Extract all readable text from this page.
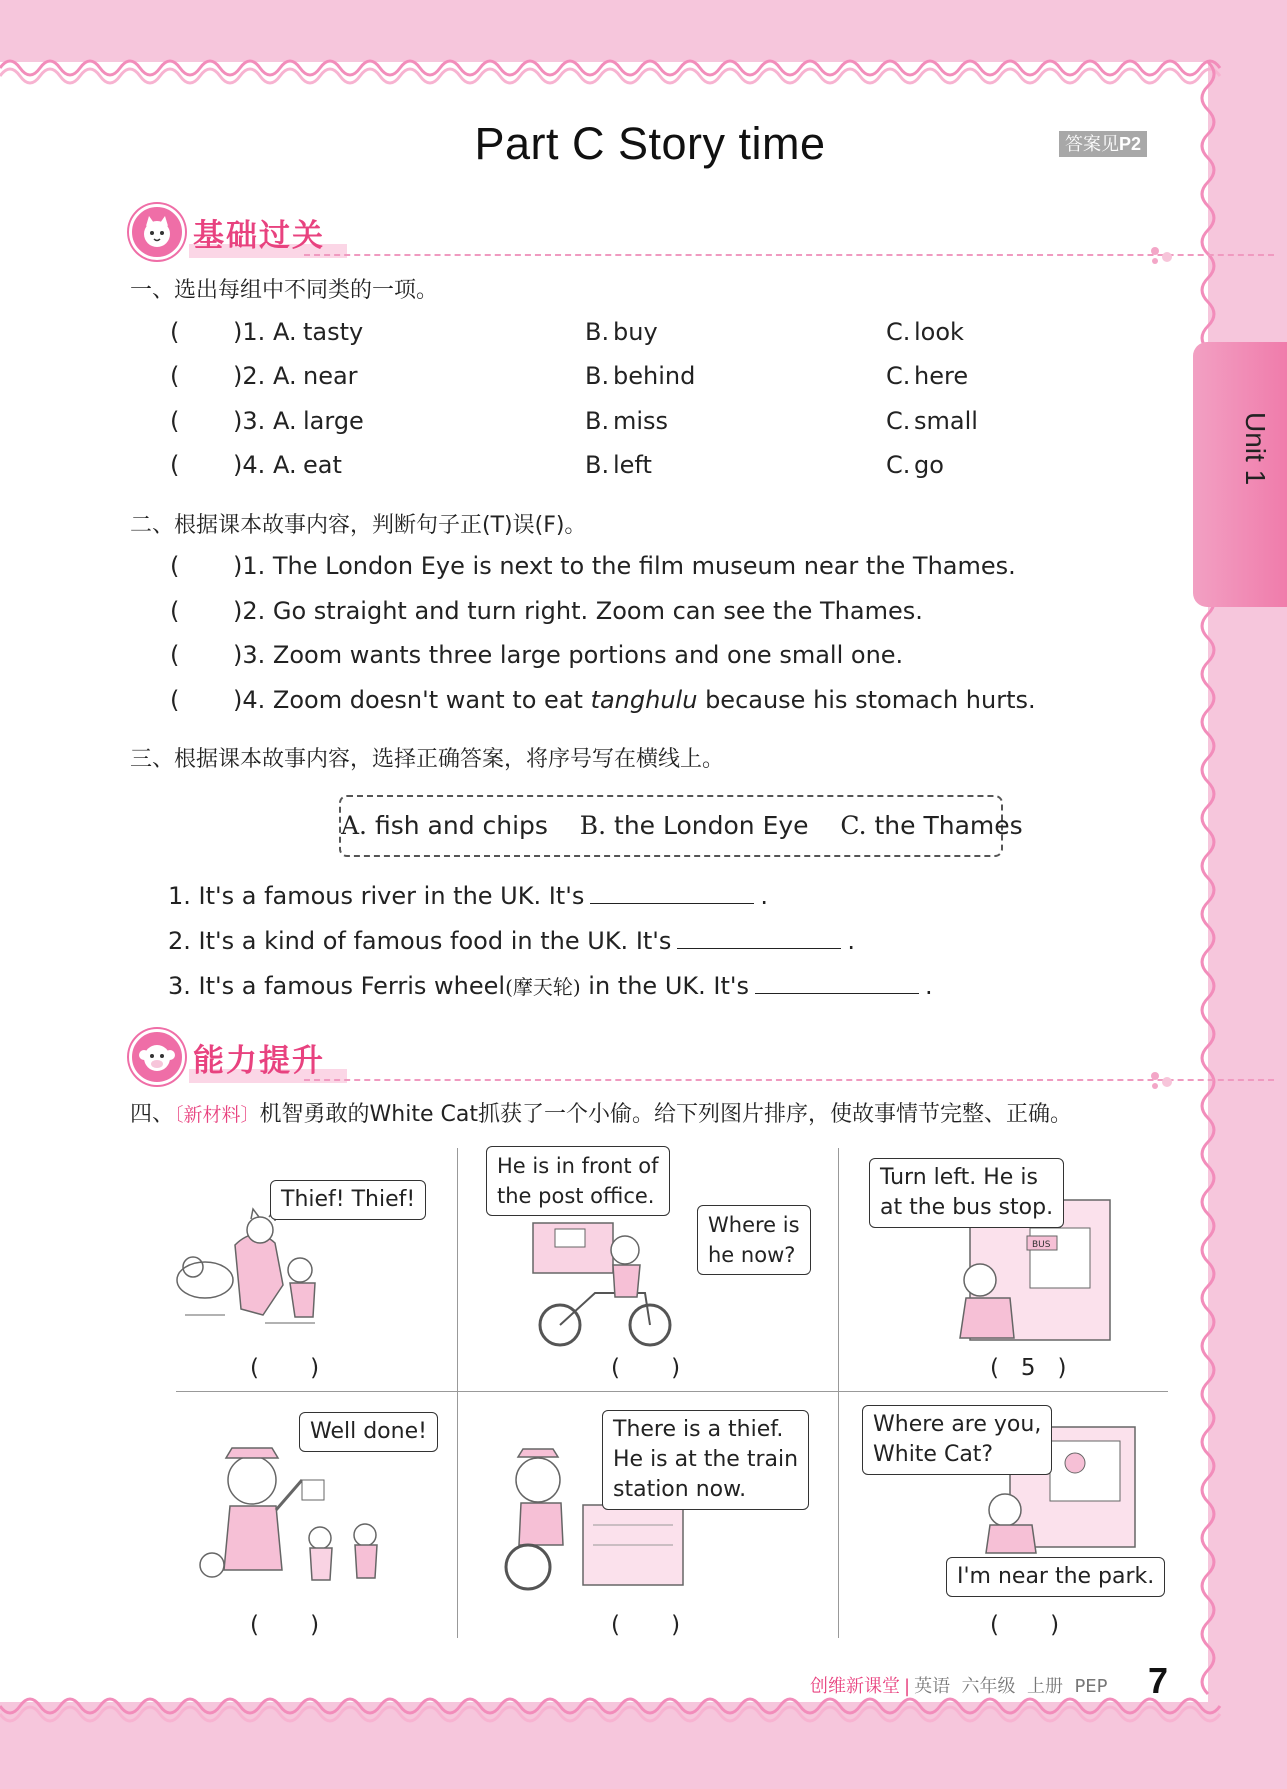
Part C Story time	答案见P2
Unit 1
基础过关
一、选出每组中不同类的一项。
( )1. A. tasty	B. buy	C. look
( )2. A. near	B. behind	C. here
( )3. A. large	B. miss	C. small
( )4. A. eat	B. left	C. go
二、根据课本故事内容，判断句子正(T)误(F)。
( )1. The London Eye is next to the film museum near the Thames.
( )2. Go straight and turn right. Zoom can see the Thames.
( )3. Zoom wants three large portions and one small one.
( )4. Zoom doesn't want to eat tanghulu because his stomach hurts.
三、根据课本故事内容，选择正确答案，将序号写在横线上。
A. fish and chips B. the London Eye C. the Thames
1. It's a famous river in the UK. It's	.
2. It's a kind of famous food in the UK. It's	.
3. It's a famous Ferris wheel(摩天轮) in the UK. It's	.
能力提升
四、〔新材料〕机智勇敢的White Cat抓获了一个小偷。给下列图片排序，使故事情节完整、正确。
Thief! Thief!
(       )
He is in front of
the post office.
Where is
he now?
(       )
BUS
Turn left. He is
at the bus stop.
(   5   )
Well done!
(       )
There is a thief.
He is at the train
station now.
(       )
Where are you,
White Cat?
I'm near the park.
(       )
创维新课堂 | 英语 六年级 上册 PEP 7
